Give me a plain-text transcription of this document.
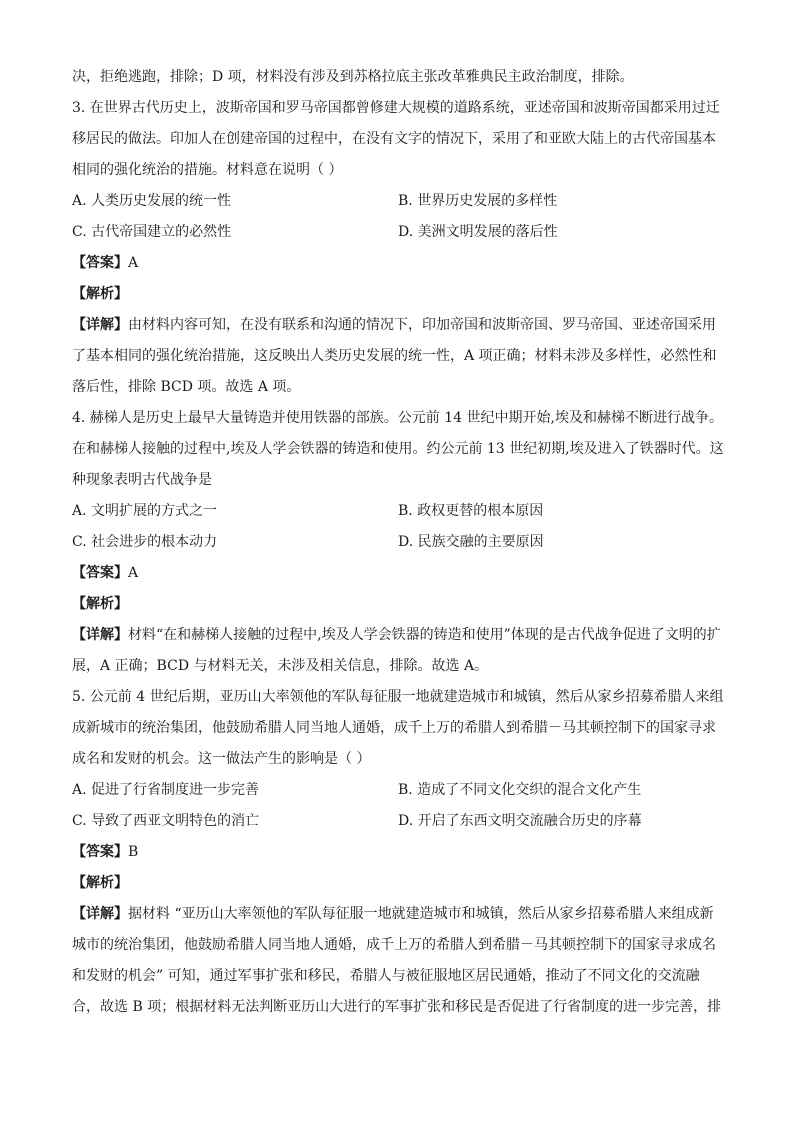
决，拒绝逃跑，排除；D 项，材料没有涉及到苏格拉底主张改革雅典民主政治制度，排除。
3. 在世界古代历史上，波斯帝国和罗马帝国都曾修建大规模的道路系统，亚述帝国和波斯帝国都采用过迁
移居民的做法。印加人在创建帝国的过程中，在没有文字的情况下，采用了和亚欧大陆上的古代帝国基本
相同的强化统治的措施。材料意在说明（ ）
A. 人类历史发展的统一性	B. 世界历史发展的多样性
C. 古代帝国建立的必然性	D. 美洲文明发展的落后性
【答案】A
【解析】
【详解】由材料内容可知，在没有联系和沟通的情况下，印加帝国和波斯帝国、罗马帝国、亚述帝国采用
了基本相同的强化统治措施，这反映出人类历史发展的统一性，A 项正确；材料未涉及多样性，必然性和
落后性，排除 BCD 项。故选 A 项。
4. 赫梯人是历史上最早大量铸造并使用铁器的部族。公元前 14 世纪中期开始,埃及和赫梯不断进行战争。
在和赫梯人接触的过程中,埃及人学会铁器的铸造和使用。约公元前 13 世纪初期,埃及进入了铁器时代。这
种现象表明古代战争是
A. 文明扩展的方式之一	B. 政权更替的根本原因
C. 社会进步的根本动力	D. 民族交融的主要原因
【答案】A
【解析】
【详解】材料“在和赫梯人接触的过程中,埃及人学会铁器的铸造和使用”体现的是古代战争促进了文明的扩
展，A 正确；BCD 与材料无关，未涉及相关信息，排除。故选 A。
5. 公元前 4 世纪后期，亚历山大率领他的军队每征服一地就建造城市和城镇，然后从家乡招募希腊人来组
成新城市的统治集团，他鼓励希腊人同当地人通婚，成千上万的希腊人到希腊－马其顿控制下的国家寻求
成名和发财的机会。这一做法产生的影响是（ ）
A. 促进了行省制度进一步完善	B. 造成了不同文化交织的混合文化产生
C. 导致了西亚文明特色的消亡	D. 开启了东西文明交流融合历史的序幕
【答案】B
【解析】
【详解】据材料 “亚历山大率领他的军队每征服一地就建造城市和城镇，然后从家乡招募希腊人来组成新
城市的统治集团，他鼓励希腊人同当地人通婚，成千上万的希腊人到希腊－马其顿控制下的国家寻求成名
和发财的机会” 可知，通过军事扩张和移民，希腊人与被征服地区居民通婚，推动了不同文化的交流融
合，故选 B 项；根据材料无法判断亚历山大进行的军事扩张和移民是否促进了行省制度的进一步完善，排
